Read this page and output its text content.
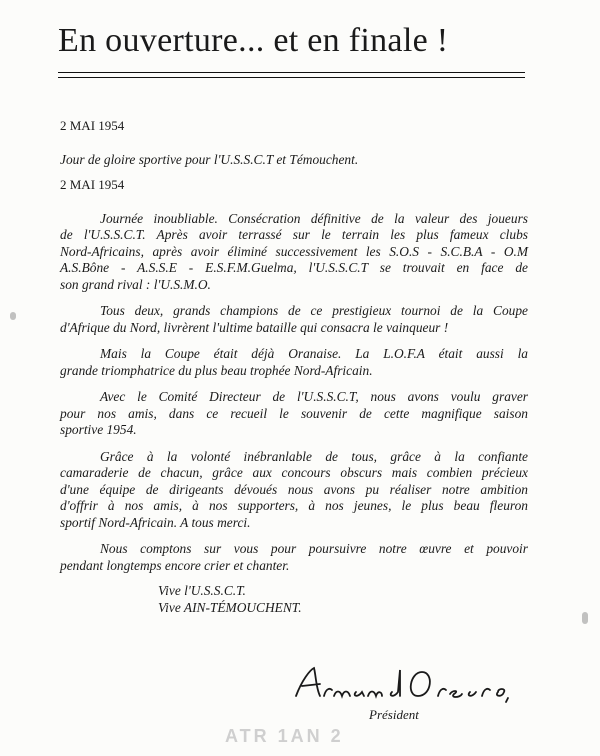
En ouverture... et en finale !

2 MAI 1954

Jour de gloire sportive pour l'U.S.S.C.T et Témouchent.

2 MAI 1954

Journée inoubliable. Consécration définitive de la valeur des joueurs
de l'U.S.S.C.T. Après avoir terrassé sur le terrain les plus fameux clubs
Nord-Africains, après avoir éliminé successivement les S.O.S - S.C.B.A - O.M
A.S.Bône - A.S.S.E - E.S.F.M.Guelma, l'U.S.S.C.T se trouvait en face de
son grand rival : l'U.S.M.O.
Tous deux, grands champions de ce prestigieux tournoi de la Coupe
d'Afrique du Nord, livrèrent l'ultime bataille qui consacra le vainqueur !
Mais la Coupe était déjà Oranaise. La L.O.F.A était aussi la
grande triomphatrice du plus beau trophée Nord-Africain.
Avec le Comité Directeur de l'U.S.S.C.T, nous avons voulu graver
pour nos amis, dans ce recueil le souvenir de cette magnifique saison
sportive 1954.
Grâce à la volonté inébranlable de tous, grâce à la confiante
camaraderie de chacun, grâce aux concours obscurs mais combien précieux
d'une équipe de dirigeants dévoués nous avons pu réaliser notre ambition
d'offrir à nos amis, à nos supporters, à nos jeunes, le plus beau fleuron
sportif Nord-Africain. A tous merci.
Nous comptons sur vous pour poursuivre notre œuvre et pouvoir
pendant longtemps encore crier et chanter.
Vive l'U.S.S.C.T.
Vive AIN-TÉMOUCHENT.
Président
ATR 1AN 2
